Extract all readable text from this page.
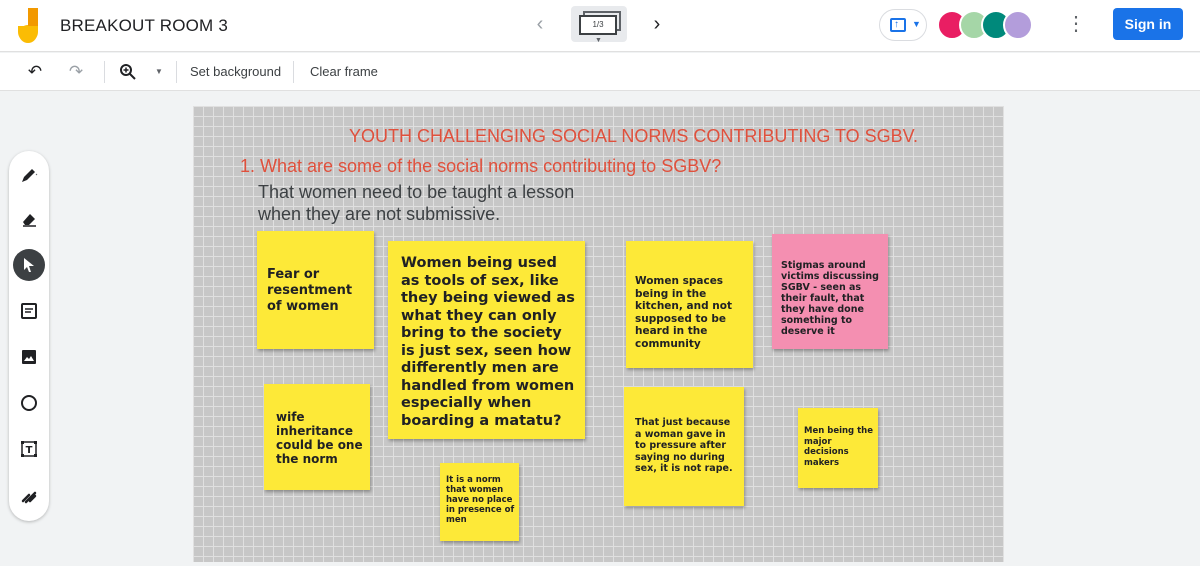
BREAKOUT ROOM 3	‹	1/3
▼
›	↑ ▼	⋮	Sign in
↶ ↷	▼	Set background Clear frame
T
YOUTH CHALLENGING SOCIAL NORMS CONTRIBUTING TO SGBV.
1. What are some of the social norms contributing to SGBV?
That women need to be taught a lesson
when they are not submissive.
Fear or resentment of women
Women being used as tools of sex, like they being viewed as what they can only bring to the society is just sex, seen how differently men are handled from women especially when boarding a matatu?
Women spaces being in the kitchen, and not supposed to be heard in the community
Stigmas around victims discussing SGBV - seen as their fault, that they have done something to deserve it
wife inheritance could be one the norm
It is a norm that women have no place in presence of men
That just because a woman gave in to pressure after saying no during sex, it is not rape.
Men being the major decisions makers
